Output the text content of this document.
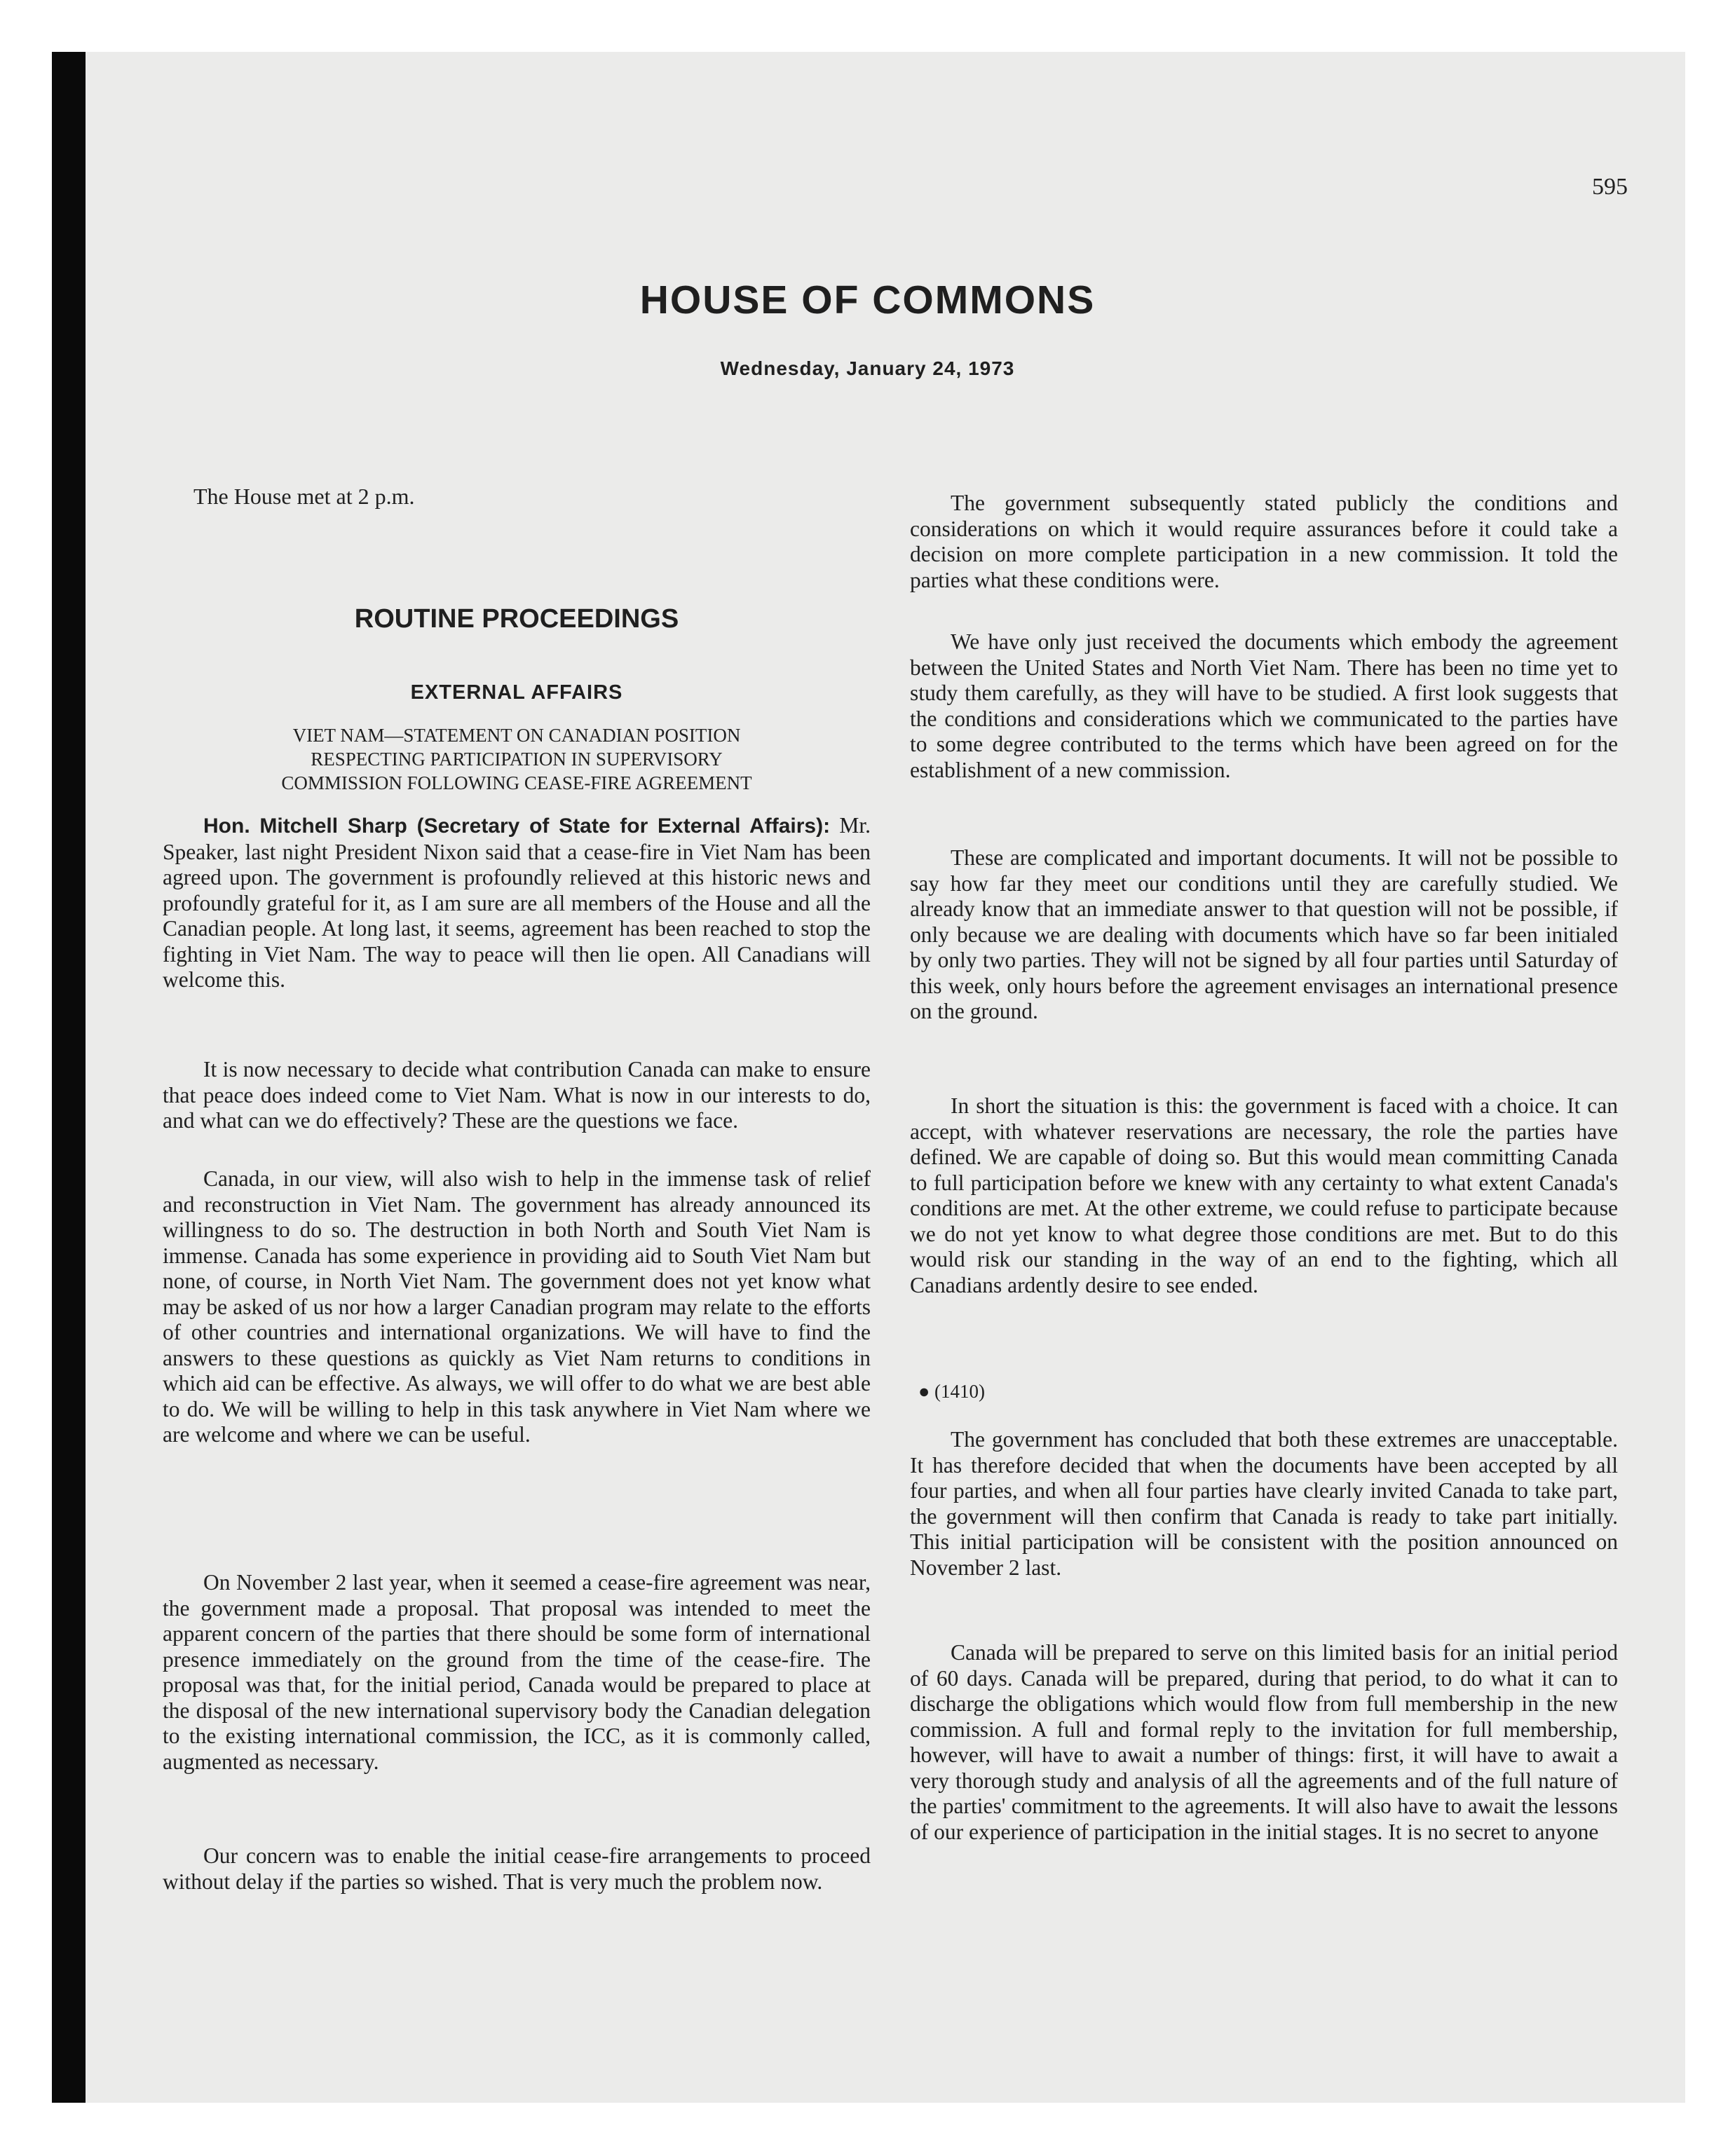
595
HOUSE OF COMMONS
Wednesday, January 24, 1973
The House met at 2 p.m.
ROUTINE PROCEEDINGS
EXTERNAL AFFAIRS
VIET NAM—STATEMENT ON CANADIAN POSITION
RESPECTING PARTICIPATION IN SUPERVISORY
COMMISSION FOLLOWING CEASE-FIRE AGREEMENT

Hon. Mitchell Sharp (Secretary of State for External Affairs): Mr. Speaker, last night President Nixon said that a cease-fire in Viet Nam has been agreed upon. The government is profoundly relieved at this historic news and profoundly grateful for it, as I am sure are all members of the House and all the Canadian people. At long last, it seems, agreement has been reached to stop the fighting in Viet Nam. The way to peace will then lie open. All Canadians will welcome this.

It is now necessary to decide what contribution Canada can make to ensure that peace does indeed come to Viet Nam. What is now in our interests to do, and what can we do effectively? These are the questions we face.

Canada, in our view, will also wish to help in the immense task of relief and reconstruction in Viet Nam. The government has already announced its willingness to do so. The destruction in both North and South Viet Nam is immense. Canada has some experience in providing aid to South Viet Nam but none, of course, in North Viet Nam. The government does not yet know what may be asked of us nor how a larger Canadian program may relate to the efforts of other countries and international organizations. We will have to find the answers to these questions as quickly as Viet Nam returns to conditions in which aid can be effective. As always, we will offer to do what we are best able to do. We will be willing to help in this task anywhere in Viet Nam where we are welcome and where we can be useful.

On November 2 last year, when it seemed a cease-fire agreement was near, the government made a proposal. That proposal was intended to meet the apparent concern of the parties that there should be some form of international presence immediately on the ground from the time of the cease-fire. The proposal was that, for the initial period, Canada would be prepared to place at the disposal of the new international supervisory body the Canadian delegation to the existing international commission, the ICC, as it is commonly called, augmented as necessary.

Our concern was to enable the initial cease-fire arrangements to proceed without delay if the parties so wished. That is very much the problem now.

The government subsequently stated publicly the conditions and considerations on which it would require assurances before it could take a decision on more complete participation in a new commission. It told the parties what these conditions were.

We have only just received the documents which embody the agreement between the United States and North Viet Nam. There has been no time yet to study them carefully, as they will have to be studied. A first look suggests that the conditions and considerations which we communicated to the parties have to some degree contributed to the terms which have been agreed on for the establishment of a new commission.

These are complicated and important documents. It will not be possible to say how far they meet our conditions until they are carefully studied. We already know that an immediate answer to that question will not be possible, if only because we are dealing with documents which have so far been initialed by only two parties. They will not be signed by all four parties until Saturday of this week, only hours before the agreement envisages an international presence on the ground.

In short the situation is this: the government is faced with a choice. It can accept, with whatever reservations are necessary, the role the parties have defined. We are capable of doing so. But this would mean committing Canada to full participation before we knew with any certainty to what extent Canada's conditions are met. At the other extreme, we could refuse to participate because we do not yet know to what degree those conditions are met. But to do this would risk our standing in the way of an end to the fighting, which all Canadians ardently desire to see ended.

● (1410)

The government has concluded that both these extremes are unacceptable. It has therefore decided that when the documents have been accepted by all four parties, and when all four parties have clearly invited Canada to take part, the government will then confirm that Canada is ready to take part initially. This initial participation will be consistent with the position announced on November 2 last.

Canada will be prepared to serve on this limited basis for an initial period of 60 days. Canada will be prepared, during that period, to do what it can to discharge the obligations which would flow from full membership in the new commission. A full and formal reply to the invitation for full membership, however, will have to await a number of things: first, it will have to await a very thorough study and analysis of all the agreements and of the full nature of the parties' commitment to the agreements. It will also have to await the lessons of our experience of participation in the initial stages. It is no secret to anyone
